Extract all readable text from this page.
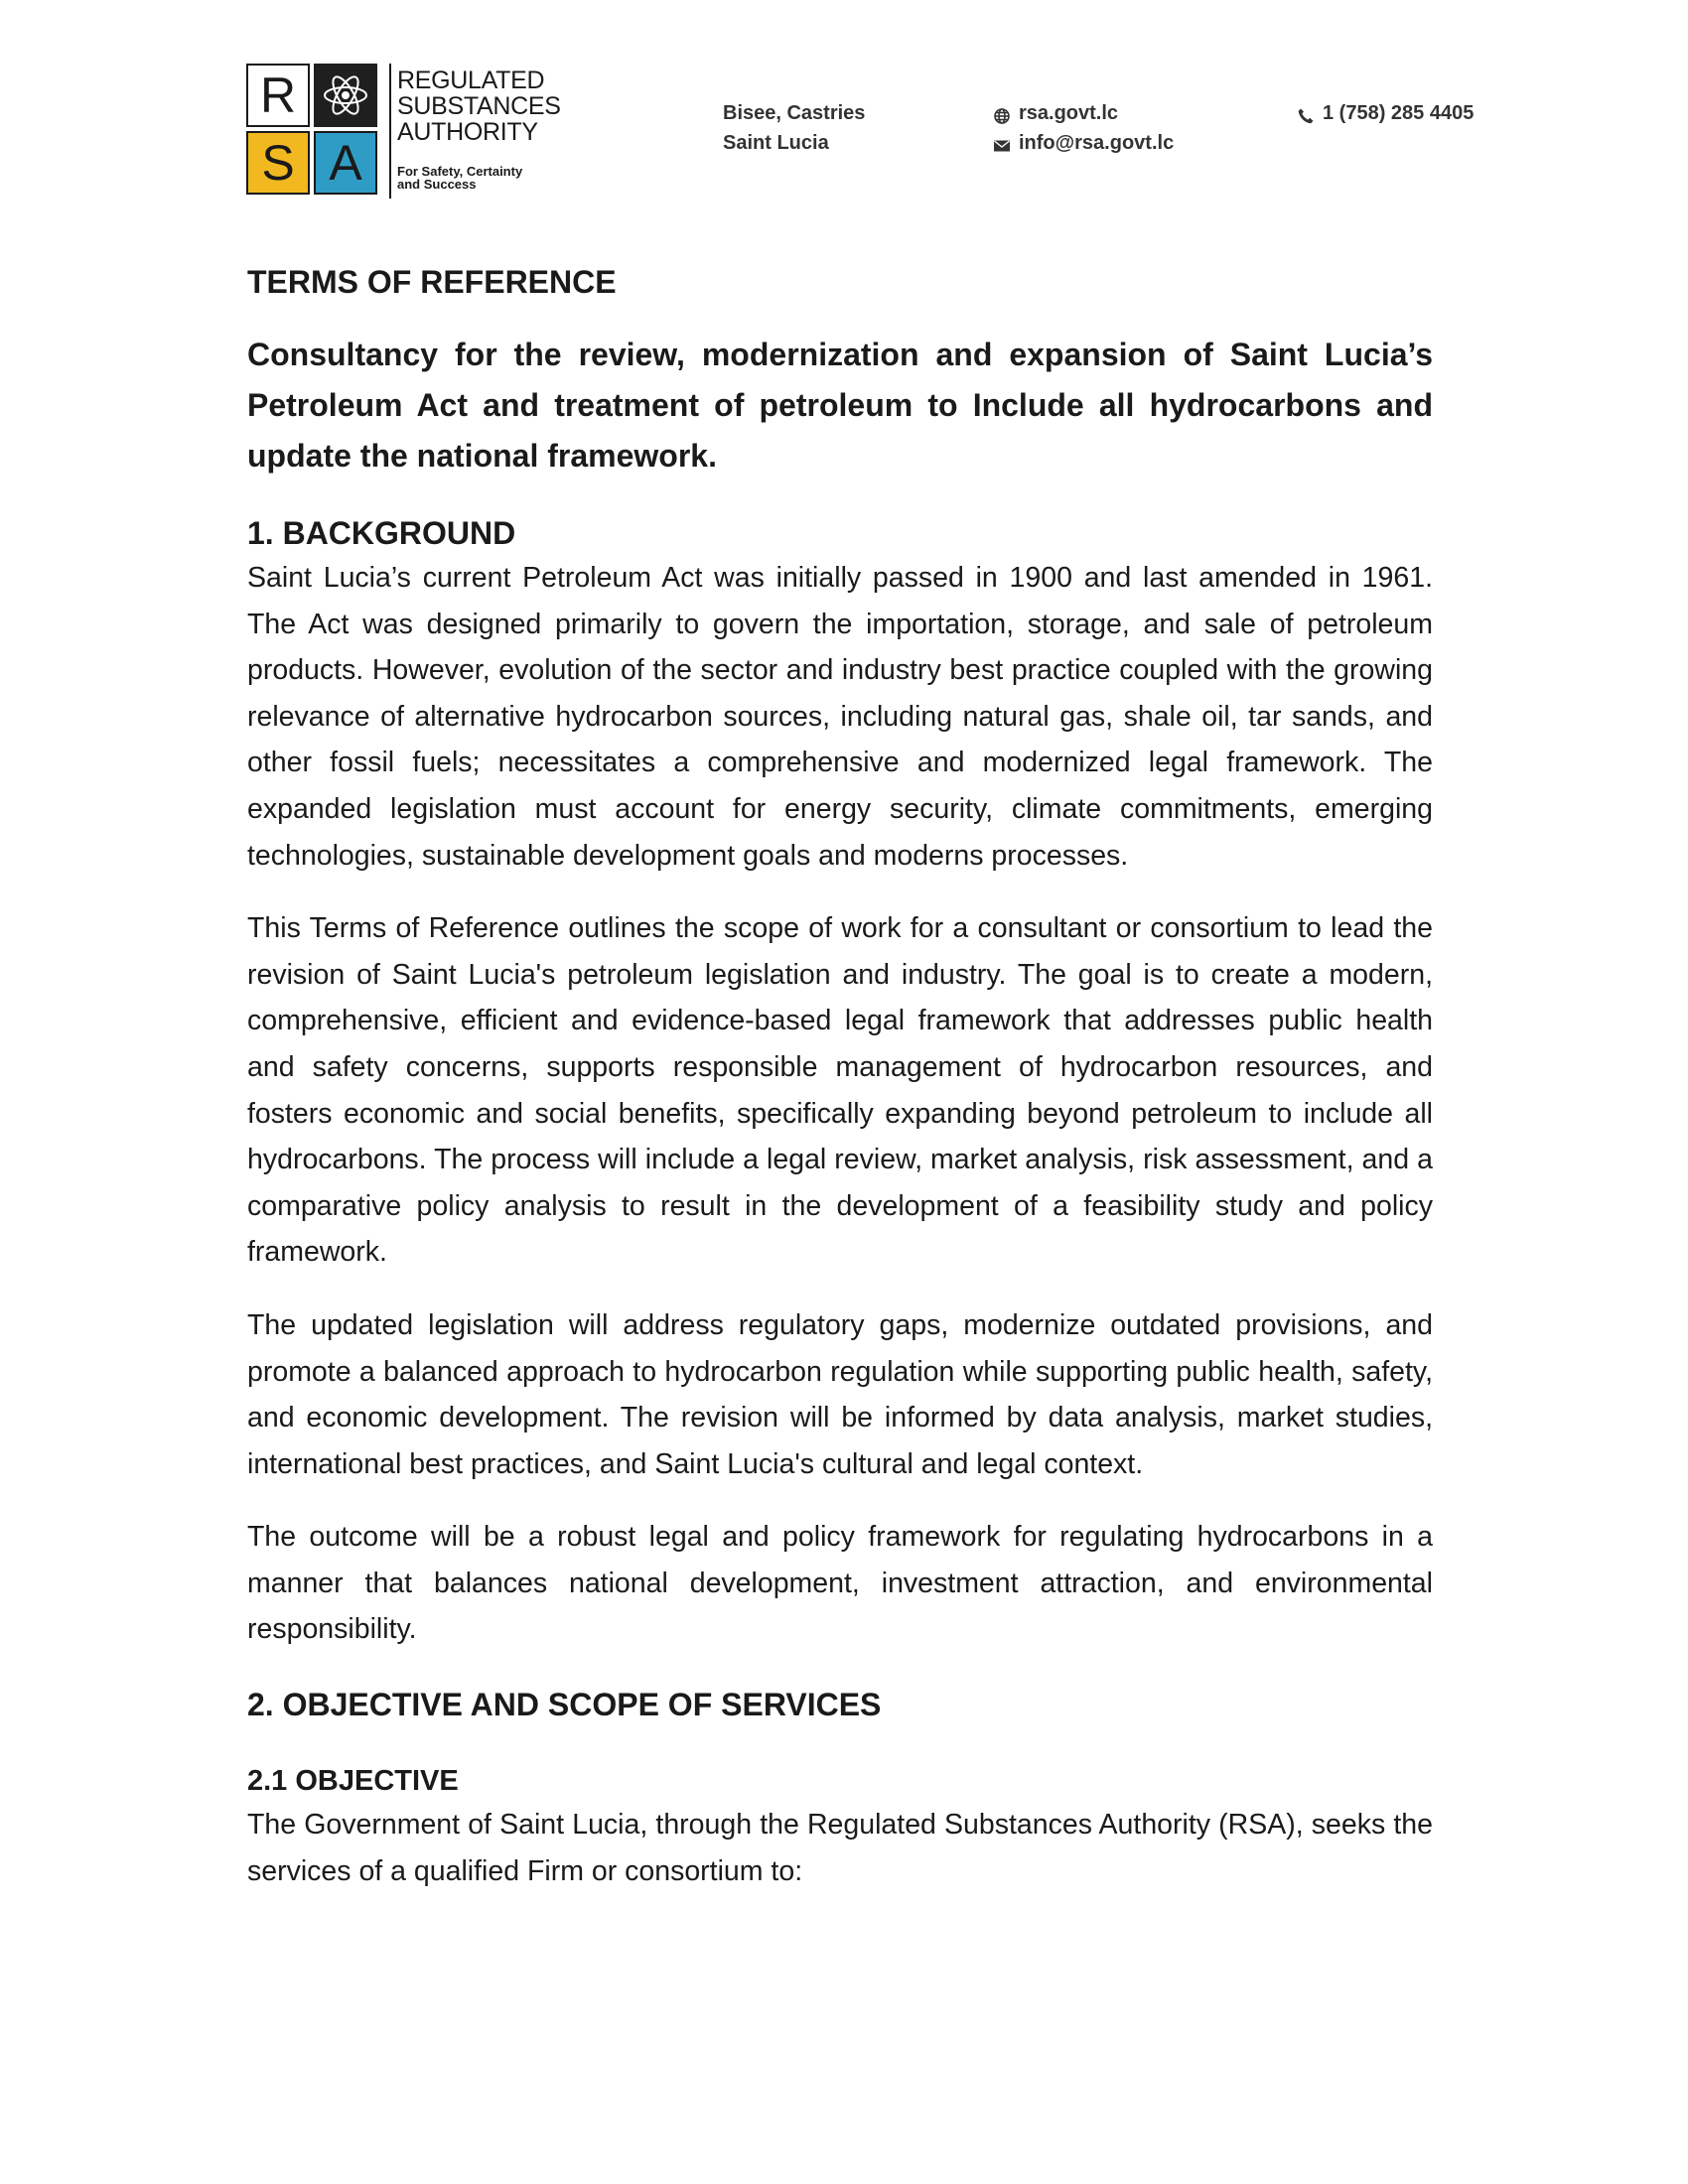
R
S A
REGULATED
SUBSTANCES
AUTHORITY
For Safety, Certainty and Success
Bisee, Castries
Saint Lucia
rsa.govt.lc
info@rsa.govt.lc
1 (758) 285 4405
TERMS OF REFERENCE

Consultancy for the review, modernization and expansion of Saint Lucia’s Petroleum Act and treatment of petroleum to Include all hydrocarbons and update the national framework.

1. BACKGROUND

Saint Lucia’s current Petroleum Act was initially passed in 1900 and last amended in 1961. The Act was designed primarily to govern the importation, storage, and sale of petroleum products. However, evolution of the sector and industry best practice coupled with the growing relevance of alternative hydrocarbon sources, including natural gas, shale oil, tar sands, and other fossil fuels; necessitates a comprehensive and modernized legal framework. The expanded legislation must account for energy security, climate commitments, emerging technologies, sustainable development goals and moderns processes.

This Terms of Reference outlines the scope of work for a consultant or consortium to lead the revision of Saint Lucia's petroleum legislation and industry. The goal is to create a modern, comprehensive, efficient and evidence-based legal framework that addresses public health and safety concerns, supports responsible management of hydrocarbon resources, and fosters economic and social benefits, specifically expanding beyond petroleum to include all hydrocarbons. The process will include a legal review, market analysis, risk assessment, and a comparative policy analysis to result in the development of a feasibility study and policy framework.

The updated legislation will address regulatory gaps, modernize outdated provisions, and promote a balanced approach to hydrocarbon regulation while supporting public health, safety, and economic development. The revision will be informed by data analysis, market studies, international best practices, and Saint Lucia's cultural and legal context.

The outcome will be a robust legal and policy framework for regulating hydrocarbons in a manner that balances national development, investment attraction, and environmental responsibility.

2. OBJECTIVE AND SCOPE OF SERVICES
2.1 OBJECTIVE

The Government of Saint Lucia, through the Regulated Substances Authority (RSA), seeks the services of a qualified Firm or consortium to:
